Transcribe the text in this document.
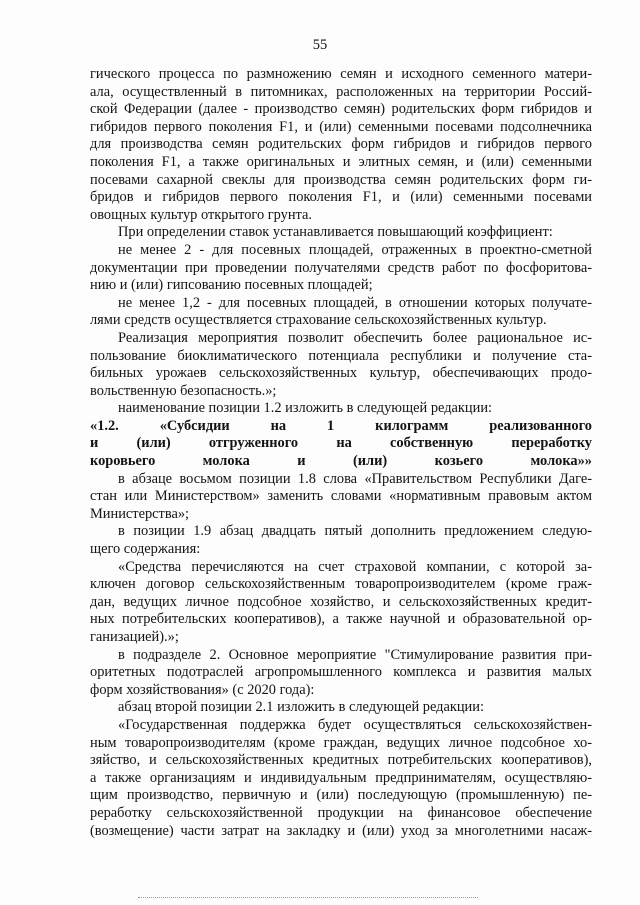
55

гического процесса по размножению семян и исходного семенного матери-

ала, осуществленный в питомниках, расположенных на территории Россий-

ской Федерации (далее - производство семян) родительских форм гибридов и

гибридов первого поколения F1, и (или) семенными посевами подсолнечника

для производства семян родительских форм гибридов и гибридов первого

поколения F1, а также оригинальных и элитных семян, и (или) семенными

посевами сахарной свеклы для производства семян родительских форм ги-

бридов и гибридов первого поколения F1, и (или) семенными посевами

овощных культур открытого грунта.

При определении ставок устанавливается повышающий коэффициент:

не менее 2 - для посевных площадей, отраженных в проектно-сметной

документации при проведении получателями средств работ по фосфоритова-

нию и (или) гипсованию посевных площадей;

не менее 1,2 - для посевных площадей, в отношении которых получате-

лями средств осуществляется страхование сельскохозяйственных культур.

Реализация мероприятия позволит обеспечить более рациональное ис-

пользование биоклиматического потенциала республики и получение ста-

бильных урожаев сельскохозяйственных культур, обеспечивающих продо-

вольственную безопасность.»;

наименование позиции 1.2 изложить в следующей редакции:

«1.2. «Субсидии на 1 килограмм реализованного

и (или) отгруженного на собственную переработку

коровьего молока и (или) козьего молока»»

в абзаце восьмом позиции 1.8 слова «Правительством Республики Даге-

стан или Министерством» заменить словами «нормативным правовым актом

Министерства»;

в позиции 1.9 абзац двадцать пятый дополнить предложением следую-

щего содержания:

«Средства перечисляются на счет страховой компании, с которой за-

ключен договор сельскохозяйственным товаропроизводителем (кроме граж-

дан, ведущих личное подсобное хозяйство, и сельскохозяйственных кредит-

ных потребительских кооперативов), а также научной и образовательной ор-

ганизацией).»;

в подразделе 2. Основное мероприятие "Стимулирование развития при-

оритетных подотраслей агропромышленного комплекса и развития малых

форм хозяйствования» (с 2020 года):

абзац второй позиции 2.1 изложить в следующей редакции:

«Государственная поддержка будет осуществляться сельскохозяйствен-

ным товаропроизводителям (кроме граждан, ведущих личное подсобное хо-

зяйство, и сельскохозяйственных кредитных потребительских кооперативов),

а также организациям и индивидуальным предпринимателям, осуществляю-

щим производство, первичную и (или) последующую (промышленную) пе-

реработку сельскохозяйственной продукции на финансовое обеспечение

(возмещение) части затрат на закладку и (или) уход за многолетними насаж-
